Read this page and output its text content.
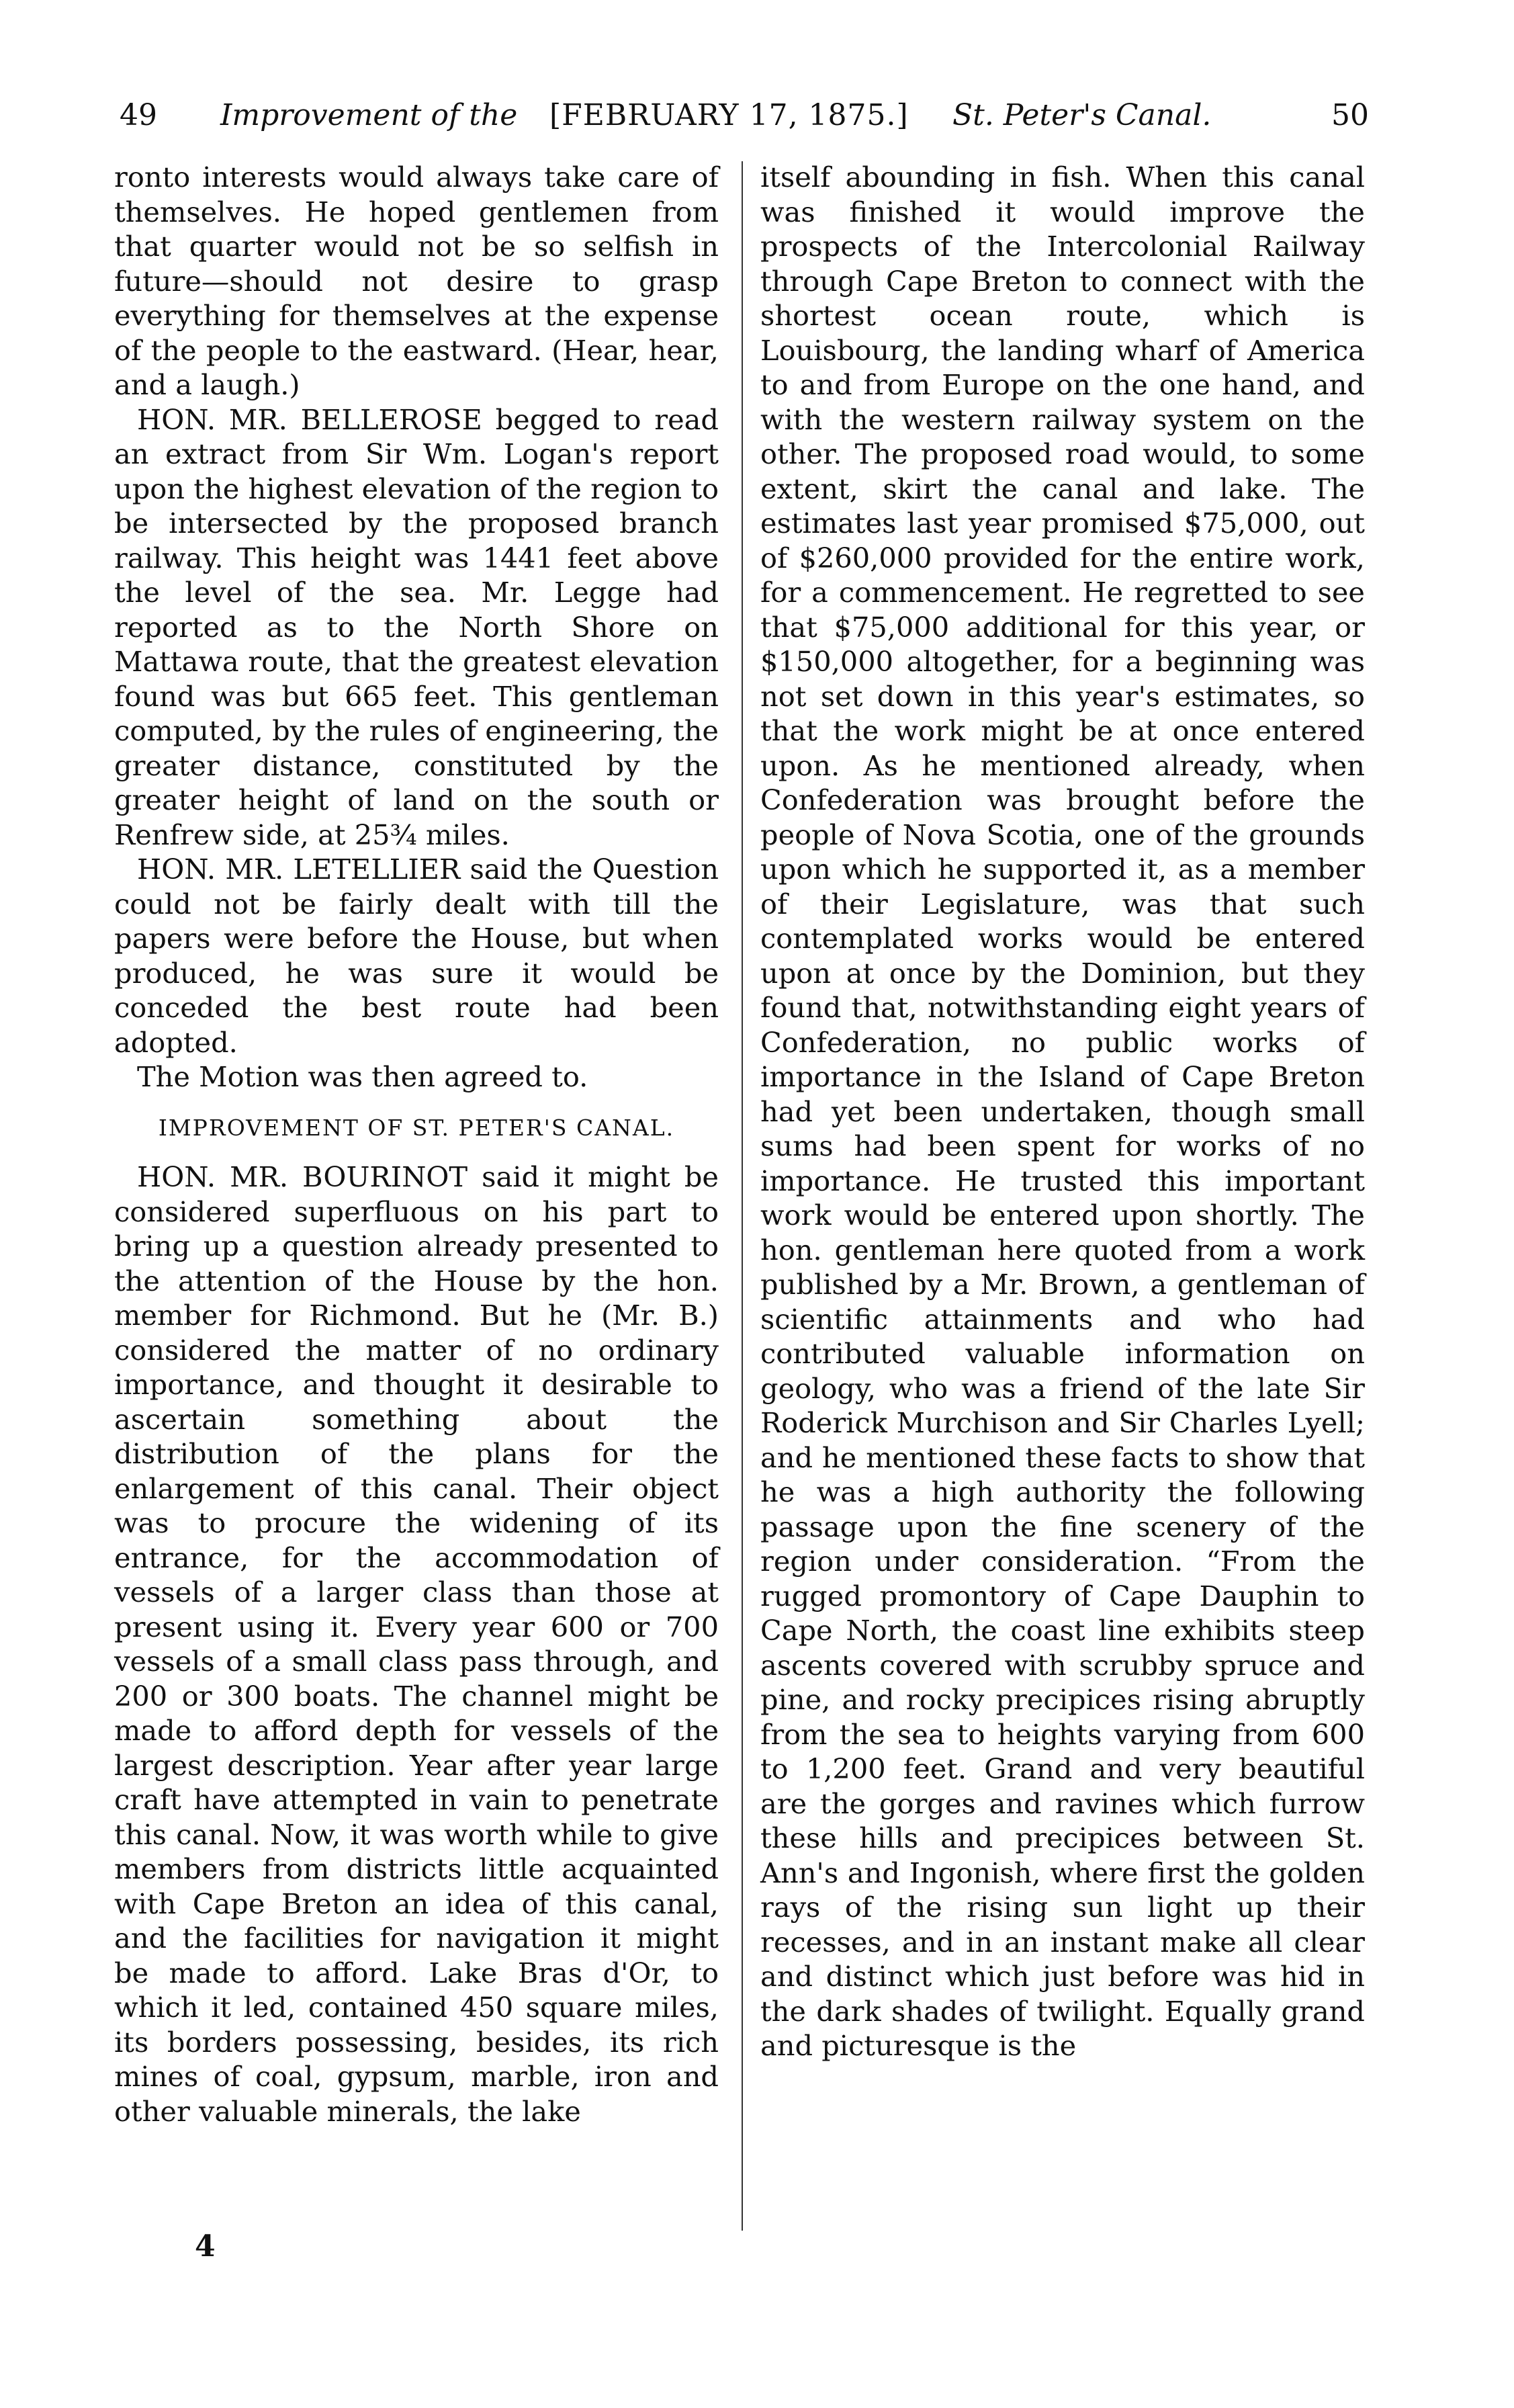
49 Improvement of the [FEBRUARY 17, 1875.] St. Peter's Canal.	50

ronto interests would always take care of themselves. He hoped gentlemen from that quarter would not be so selfish in future—should not desire to grasp everything for themselves at the expense of the people to the eastward. (Hear, hear, and a laugh.)

HON. MR. BELLEROSE begged to read an extract from Sir Wm. Logan's report upon the highest elevation of the region to be intersected by the proposed branch railway. This height was 1441 feet above the level of the sea. Mr. Legge had reported as to the North Shore on Mattawa route, that the greatest elevation found was but 665 feet. This gentleman computed, by the rules of engineering, the greater distance, constituted by the greater height of land on the south or Renfrew side, at 25¾ miles.

HON. MR. LETELLIER said the Question could not be fairly dealt with till the papers were before the House, but when produced, he was sure it would be conceded the best route had been adopted.

The Motion was then agreed to.

IMPROVEMENT OF ST. PETER'S CANAL.

HON. MR. BOURINOT said it might be considered superfluous on his part to bring up a question already presented to the attention of the House by the hon. member for Richmond. But he (Mr. B.) considered the matter of no ordinary importance, and thought it desirable to ascertain something about the distribution of the plans for the enlargement of this canal. Their object was to procure the widening of its entrance, for the accommodation of vessels of a larger class than those at present using it. Every year 600 or 700 vessels of a small class pass through, and 200 or 300 boats. The channel might be made to afford depth for vessels of the largest description. Year after year large craft have attempted in vain to penetrate this canal. Now, it was worth while to give members from districts little acquainted with Cape Breton an idea of this canal, and the facilities for navigation it might be made to afford. Lake Bras d'Or, to which it led, contained 450 square miles, its borders possessing, besides, its rich mines of coal, gypsum, marble, iron and other valuable minerals, the lake

itself abounding in fish. When this canal was finished it would improve the prospects of the Intercolonial Railway through Cape Breton to connect with the shortest ocean route, which is Louisbourg, the landing wharf of America to and from Europe on the one hand, and with the western railway system on the other. The proposed road would, to some extent, skirt the canal and lake. The estimates last year promised $75,000, out of $260,000 provided for the entire work, for a commencement. He regretted to see that $75,000 additional for this year, or $150,000 altogether, for a beginning was not set down in this year's estimates, so that the work might be at once entered upon. As he mentioned already, when Confederation was brought before the people of Nova Scotia, one of the grounds upon which he supported it, as a member of their Legislature, was that such contemplated works would be entered upon at once by the Dominion, but they found that, notwithstanding eight years of Confederation, no public works of importance in the Island of Cape Breton had yet been undertaken, though small sums had been spent for works of no importance. He trusted this important work would be entered upon shortly. The hon. gentleman here quoted from a work published by a Mr. Brown, a gentleman of scientific attainments and who had contributed valuable information on geology, who was a friend of the late Sir Roderick Murchison and Sir Charles Lyell; and he mentioned these facts to show that he was a high authority the following passage upon the fine scenery of the region under consideration. “From the rugged promontory of Cape Dauphin to Cape North, the coast line exhibits steep ascents covered with scrubby spruce and pine, and rocky precipices rising abruptly from the sea to heights varying from 600 to 1,200 feet. Grand and very beautiful are the gorges and ravines which furrow these hills and precipices between St. Ann's and Ingonish, where first the golden rays of the rising sun light up their recesses, and in an instant make all clear and distinct which just before was hid in the dark shades of twilight. Equally grand and picturesque is the

4
